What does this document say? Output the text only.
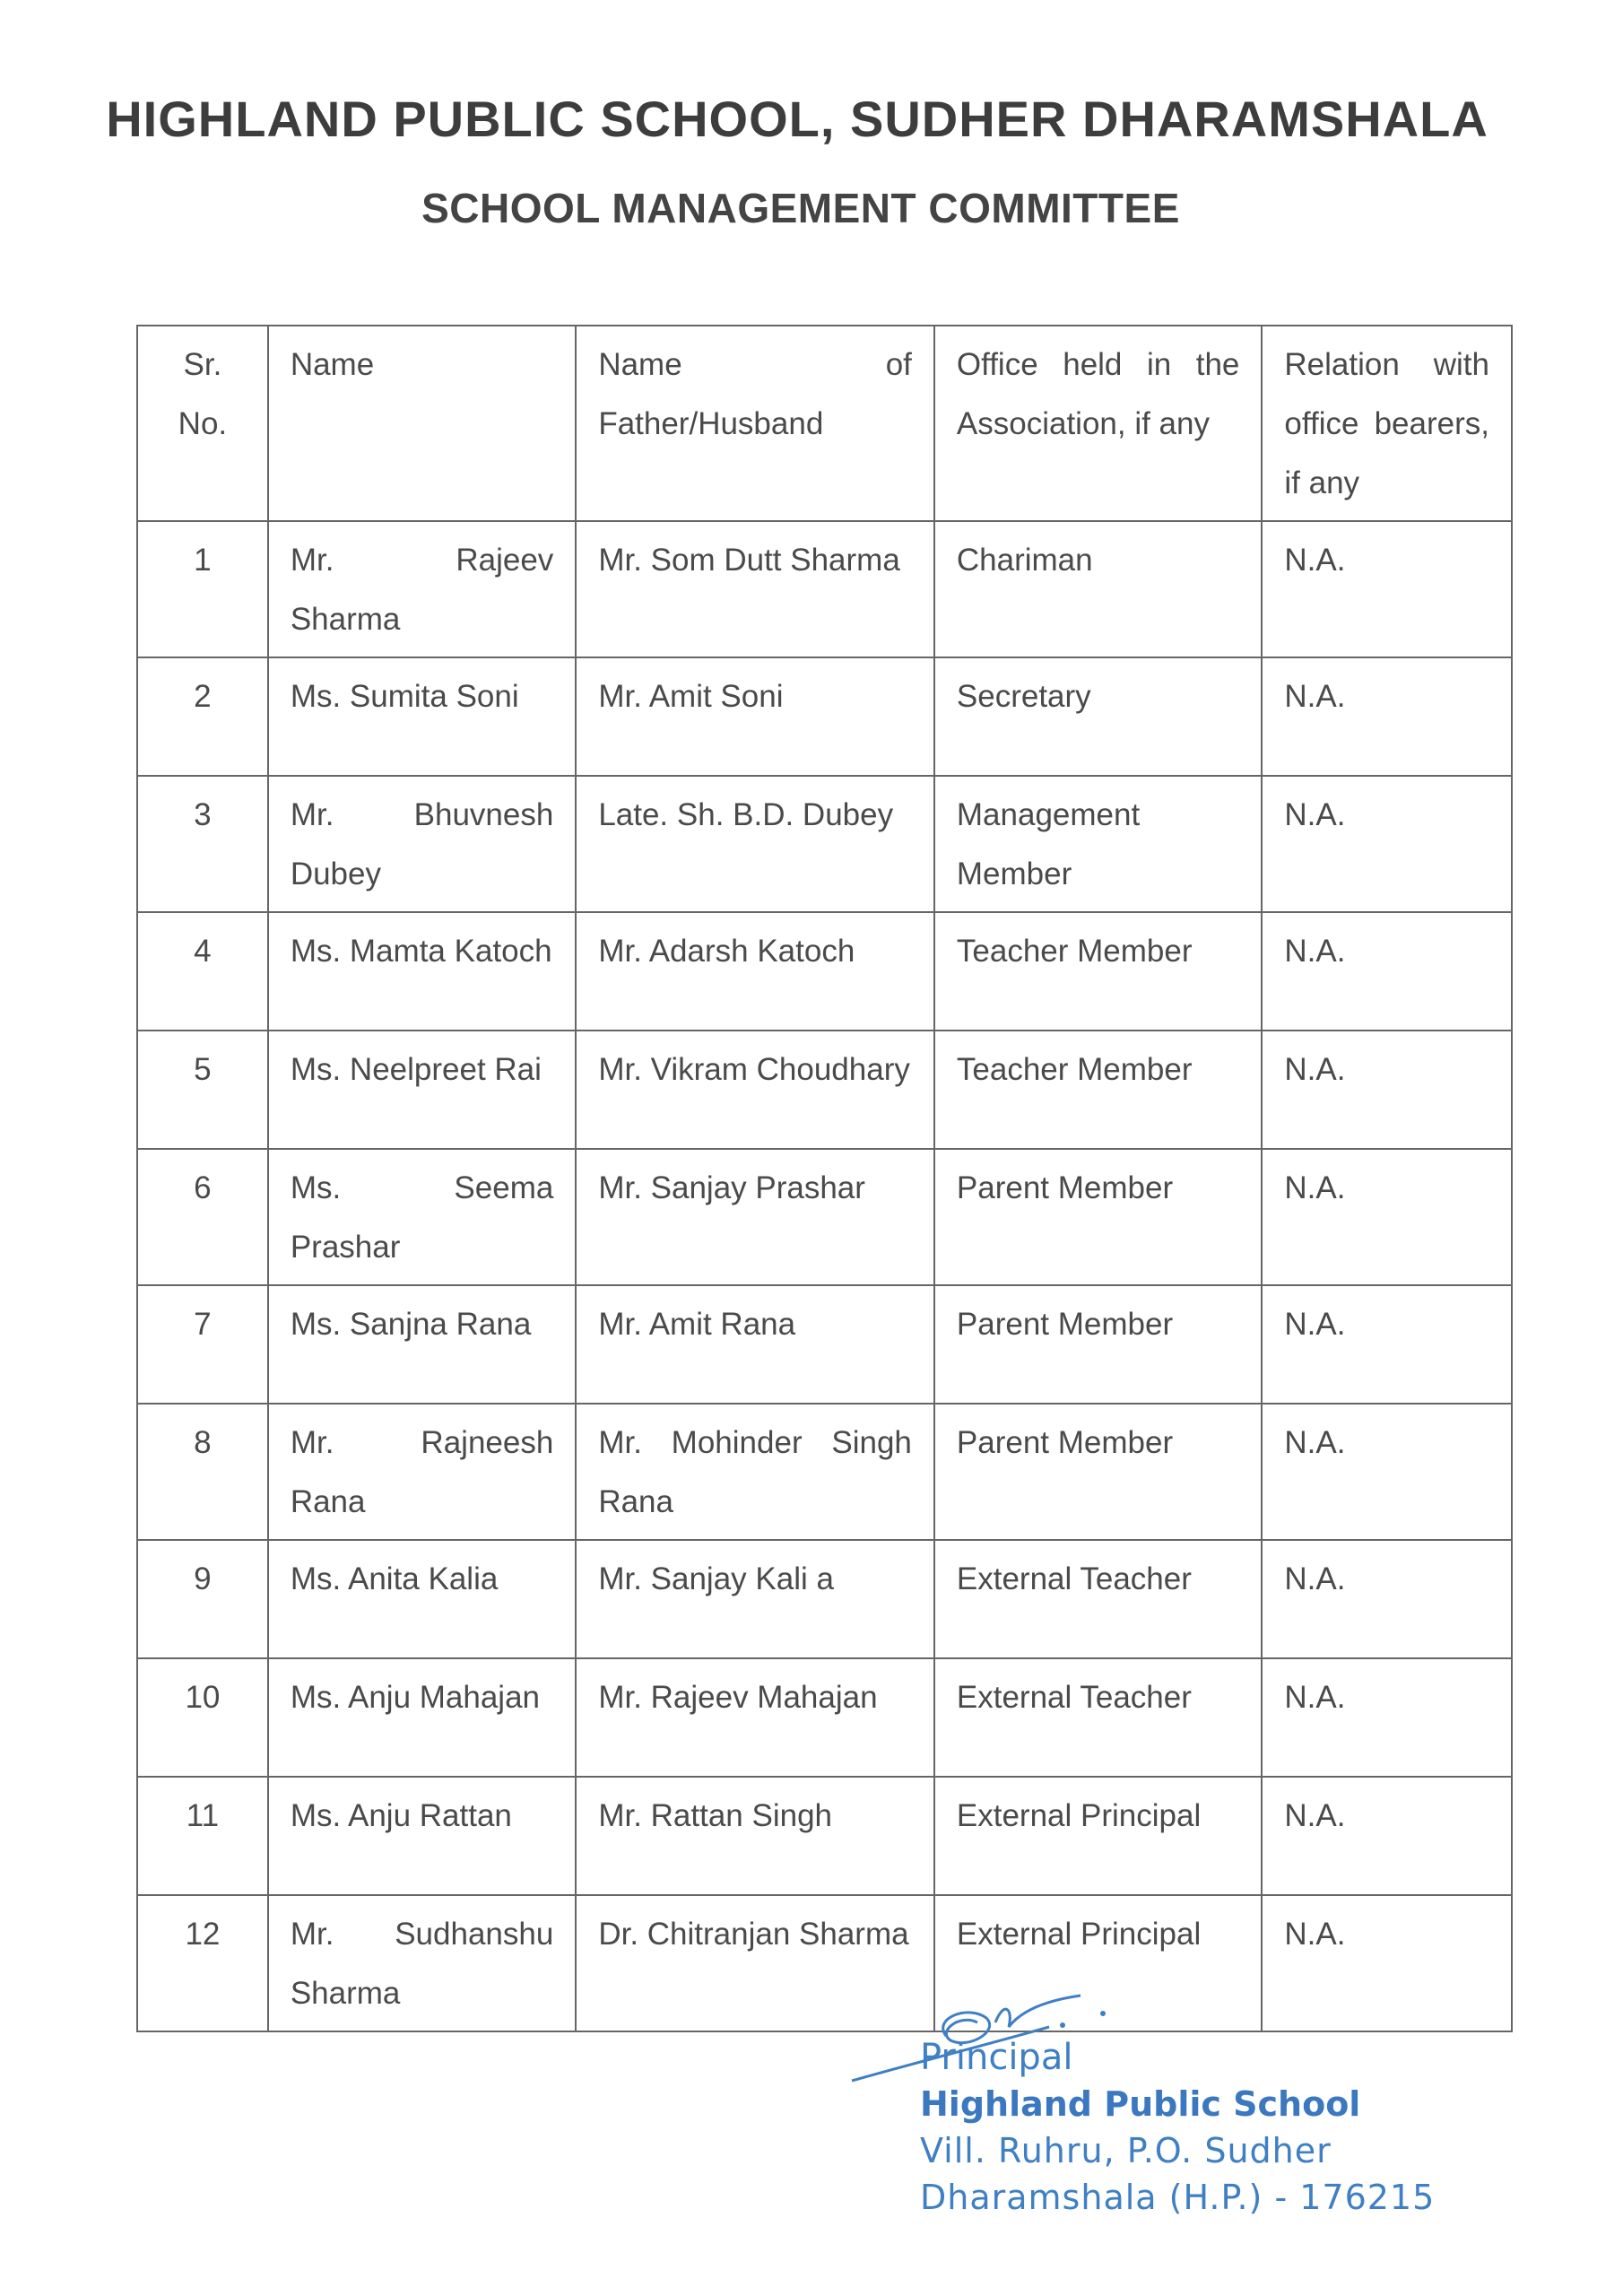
HIGHLAND PUBLIC SCHOOL, SUDHER DHARAMSHALA
SCHOOL MANAGEMENT COMMITTEE
Sr. No.	Name	Name of Father/Husband	Office held in the Association, if any	Relation with office bearers, if any
1	Mr. Rajeev Sharma	Mr. Som Dutt Sharma	Chariman	N.A.
2	Ms. Sumita Soni	Mr. Amit Soni	Secretary	N.A.
3	Mr. Bhuvnesh Dubey	Late. Sh. B.D. Dubey	Management Member	N.A.
4	Ms. Mamta Katoch	Mr. Adarsh Katoch	Teacher Member	N.A.
5	Ms. Neelpreet Rai	Mr. Vikram Choudhary	Teacher Member	N.A.
6	Ms. Seema Prashar	Mr. Sanjay Prashar	Parent Member	N.A.
7	Ms. Sanjna Rana	Mr. Amit Rana	Parent Member	N.A.
8	Mr. Rajneesh Rana	Mr. Mohinder Singh Rana	Parent Member	N.A.
9	Ms. Anita Kalia	Mr. Sanjay Kali a	External Teacher	N.A.
10	Ms. Anju Mahajan	Mr. Rajeev Mahajan	External Teacher	N.A.
11	Ms. Anju Rattan	Mr. Rattan Singh	External Principal	N.A.
12	Mr. Sudhanshu Sharma	Dr. Chitranjan Sharma	External Principal	N.A.
Principal
Highland Public School
Vill. Ruhru, P.O. Sudher
Dharamshala (H.P.) - 176215
